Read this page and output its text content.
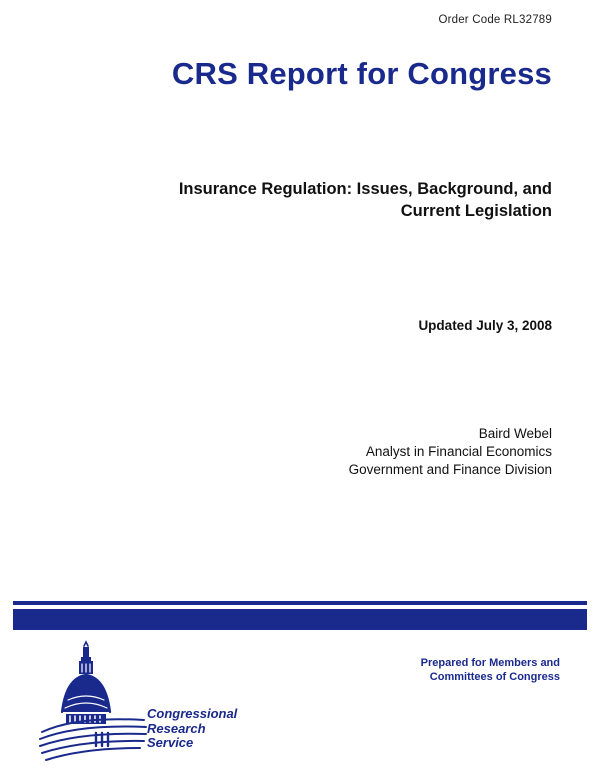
Order Code RL32789
CRS Report for Congress
Insurance Regulation: Issues, Background, and
Current Legislation
Updated July 3, 2008
Baird Webel
Analyst in Financial Economics
Government and Finance Division
Congressional
Research
Service
Prepared for Members and
Committees of Congress
